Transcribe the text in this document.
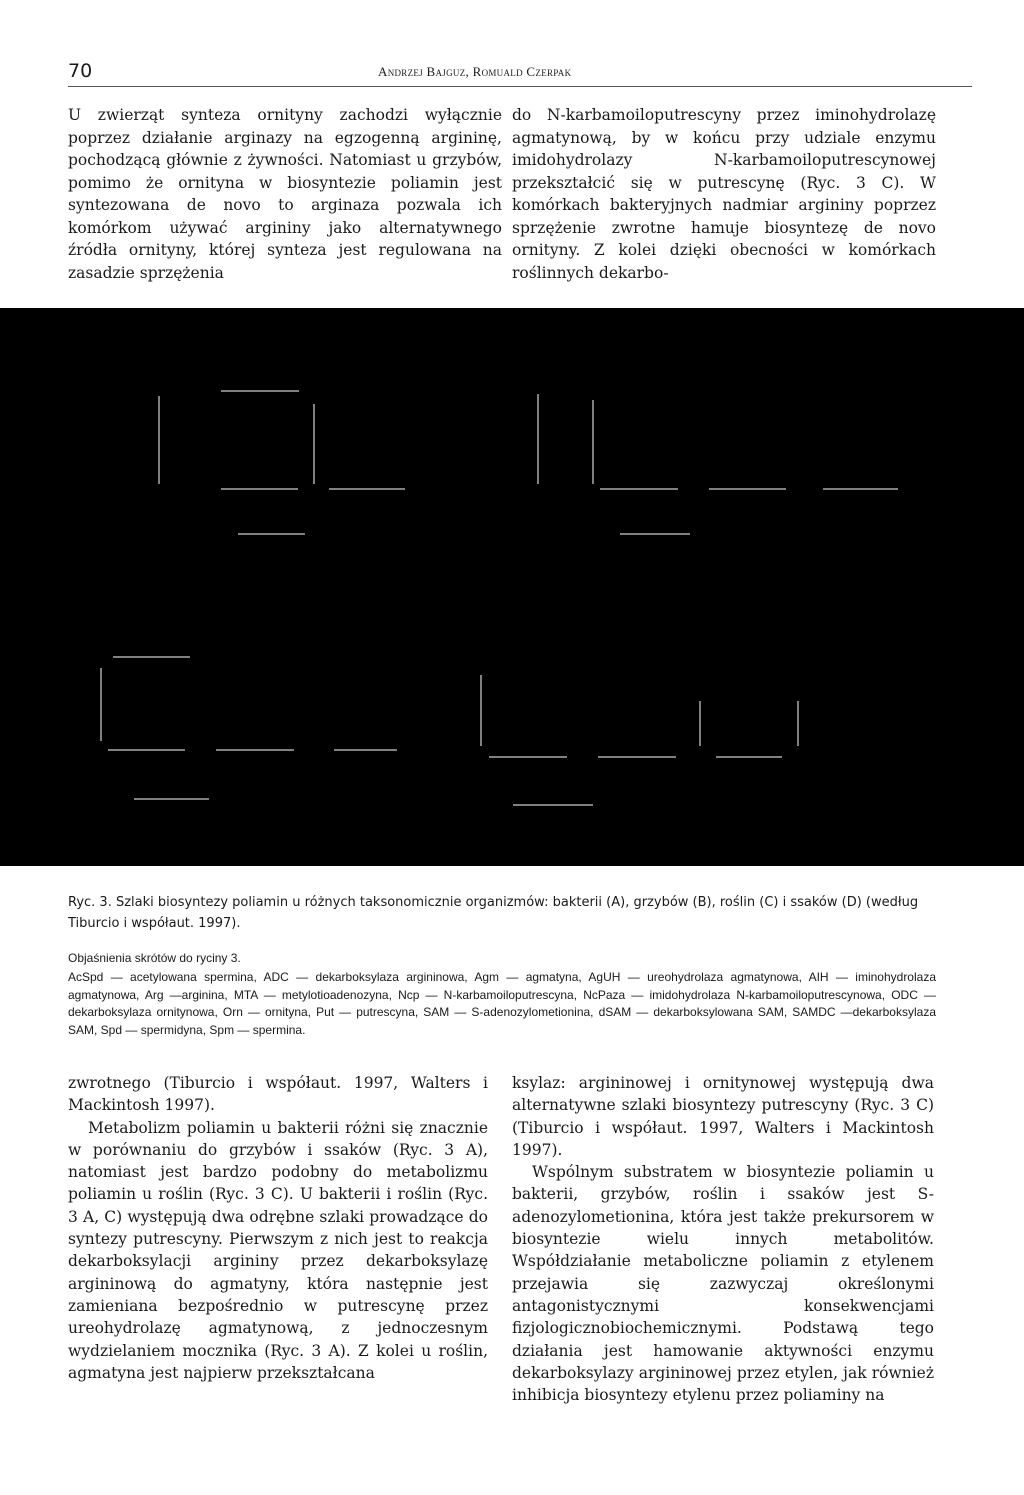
70	Andrzej Bajguz, Romuald Czerpak

U zwierząt synteza ornityny zachodzi wyłącznie poprzez działanie arginazy na egzogenną argininę, pochodzącą głównie z żywności. Natomiast u grzybów, pomimo że ornityna w biosyntezie poliamin jest syntezowana de novo to arginaza pozwala ich komórkom używać argininy jako alternatywnego źródła ornityny, której synteza jest regulowana na zasadzie sprzężenia

do N-karbamoiloputrescyny przez iminohydrolazę agmatynową, by w końcu przy udziale enzymu imidohydrolazy N-karbamoiloputrescynowej przekształcić się w putrescynę (Ryc. 3 C). W komórkach bakteryjnych nadmiar argininy poprzez sprzężenie zwrotne hamuje biosyntezę de novo ornityny. Z kolei dzięki obecności w komórkach roślinnych dekarbo-

Ryc. 3. Szlaki biosyntezy poliamin u różnych taksonomicznie organizmów: bakterii (A), grzybów (B), roślin (C) i ssaków (D) (według Tiburcio i współaut. 1997).

Objaśnienia skrótów do ryciny 3.

AcSpd — acetylowana spermina, ADC — dekarboksylaza argininowa, Agm — agmatyna, AgUH — ureohydrolaza agmatynowa, AIH — iminohydrolaza agmatynowa, Arg —arginina, MTA — metylotioadenozyna, Ncp — N-karbamoiloputrescyna, NcPaza — imidohydrolaza N-karbamoiloputrescynowa, ODC — dekarboksylaza ornitynowa, Orn — ornityna, Put — putrescyna, SAM — S-adenozylometionina, dSAM — dekarboksylowana SAM, SAMDC —dekarboksylaza SAM, Spd — spermidyna, Spm — spermina.

zwrotnego (Tiburcio i współaut. 1997, Walters i Mackintosh 1997).

Metabolizm poliamin u bakterii różni się znacznie w porównaniu do grzybów i ssaków (Ryc. 3 A), natomiast jest bardzo podobny do metabolizmu poliamin u roślin (Ryc. 3 C). U bakterii i roślin (Ryc. 3 A, C) występują dwa odrębne szlaki prowadzące do syntezy putrescyny. Pierwszym z nich jest to reakcja dekarboksylacji argininy przez dekarboksylazę argininową do agmatyny, która następnie jest zamieniana bezpośrednio w putrescynę przez ureohydrolazę agmatynową, z jednoczesnym wydzielaniem mocznika (Ryc. 3 A). Z kolei u roślin, agmatyna jest najpierw przekształcana

ksylaz: argininowej i ornitynowej występują dwa alternatywne szlaki biosyntezy putrescyny (Ryc. 3 C) (Tiburcio i współaut. 1997, Walters i Mackintosh 1997).

Wspólnym substratem w biosyntezie poliamin u bakterii, grzybów, roślin i ssaków jest S-adenozylometionina, która jest także prekursorem w biosyntezie wielu innych metabolitów. Współdziałanie metaboliczne poliamin z etylenem przejawia się zazwyczaj określonymi antagonistycznymi konsekwencjami fizjologicznobiochemicznymi. Podstawą tego działania jest hamowanie aktywności enzymu dekarboksylazy argininowej przez etylen, jak również inhibicja biosyntezy etylenu przez poliaminy na
